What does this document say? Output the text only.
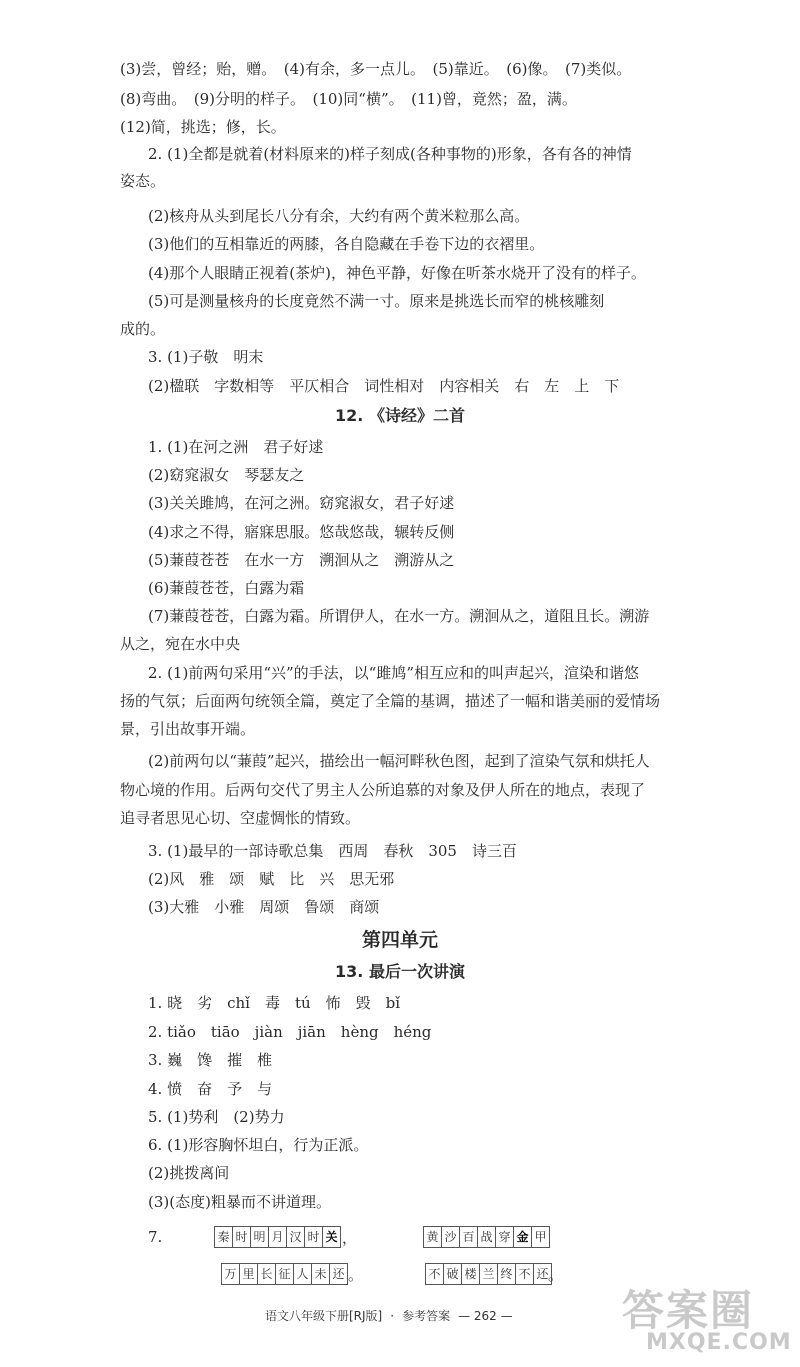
(3)尝，曾经；贻，赠。　(4)有余，多一点儿。　(5)靠近。　(6)像。　(7)类似。
(8)弯曲。　(9)分明的样子。　(10)同“横”。　(11)曾，竟然；盈，满。
(12)简，挑选；修，长。
2. (1)全都是就着(材料原来的)样子刻成(各种事物的)形象，各有各的神情
姿态。
(2)核舟从头到尾长八分有余，大约有两个黄米粒那么高。
(3)他们的互相靠近的两膝，各自隐藏在手卷下边的衣褶里。
(4)那个人眼睛正视着(茶炉)，神色平静，好像在听茶水烧开了没有的样子。
(5)可是测量核舟的长度竟然不满一寸。原来是挑选长而窄的桃核雕刻
成的。
3. (1)子敬　明末
(2)楹联　字数相等　平仄相合　词性相对　内容相关　右　左　上　下
12. 《诗经》二首
1. (1)在河之洲　君子好逑
(2)窈窕淑女　琴瑟友之
(3)关关雎鸠，在河之洲。窈窕淑女，君子好逑
(4)求之不得，寤寐思服。悠哉悠哉，辗转反侧
(5)蒹葭苍苍　在水一方　溯洄从之　溯游从之
(6)蒹葭苍苍，白露为霜
(7)蒹葭苍苍，白露为霜。所谓伊人，在水一方。溯洄从之，道阻且长。溯游
从之，宛在水中央
2. (1)前两句采用“兴”的手法，以“雎鸠”相互应和的叫声起兴，渲染和谐悠
扬的气氛；后面两句统领全篇，奠定了全篇的基调，描述了一幅和谐美丽的爱情场
景，引出故事开端。
(2)前两句以“蒹葭”起兴，描绘出一幅河畔秋色图，起到了渲染气氛和烘托人
物心境的作用。后两句交代了男主人公所追慕的对象及伊人所在的地点，表现了
追寻者思见心切、空虚惆怅的情致。
3. (1)最早的一部诗歌总集　西周　春秋　305　诗三百
(2)风　雅　颂　赋　比　兴　思无邪
(3)大雅　小雅　周颂　鲁颂　商颂
第四单元
13. 最后一次讲演
1. 晓　劣　chǐ　毒　tú　怖　毁　bǐ
2. tiǎo　tiāo　jiàn　jiān　hèng　héng
3. 巍　馋　摧　椎
4. 愤　奋　予　与
5. (1)势利　(2)势力
6. (1)形容胸怀坦白，行为正派。
(2)挑拨离间
(3)(态度)粗暴而不讲道理。
7.	秦 时 明 月 汉 时 关 ，	黄 沙 百 战 穿 金 甲
万 里 长 征 人 未 还 。	不 破 楼 兰 终 不 还 。
语文八年级下册[RJ版] · 参考答案 — 262 —	答案圈
MXQE.COM
